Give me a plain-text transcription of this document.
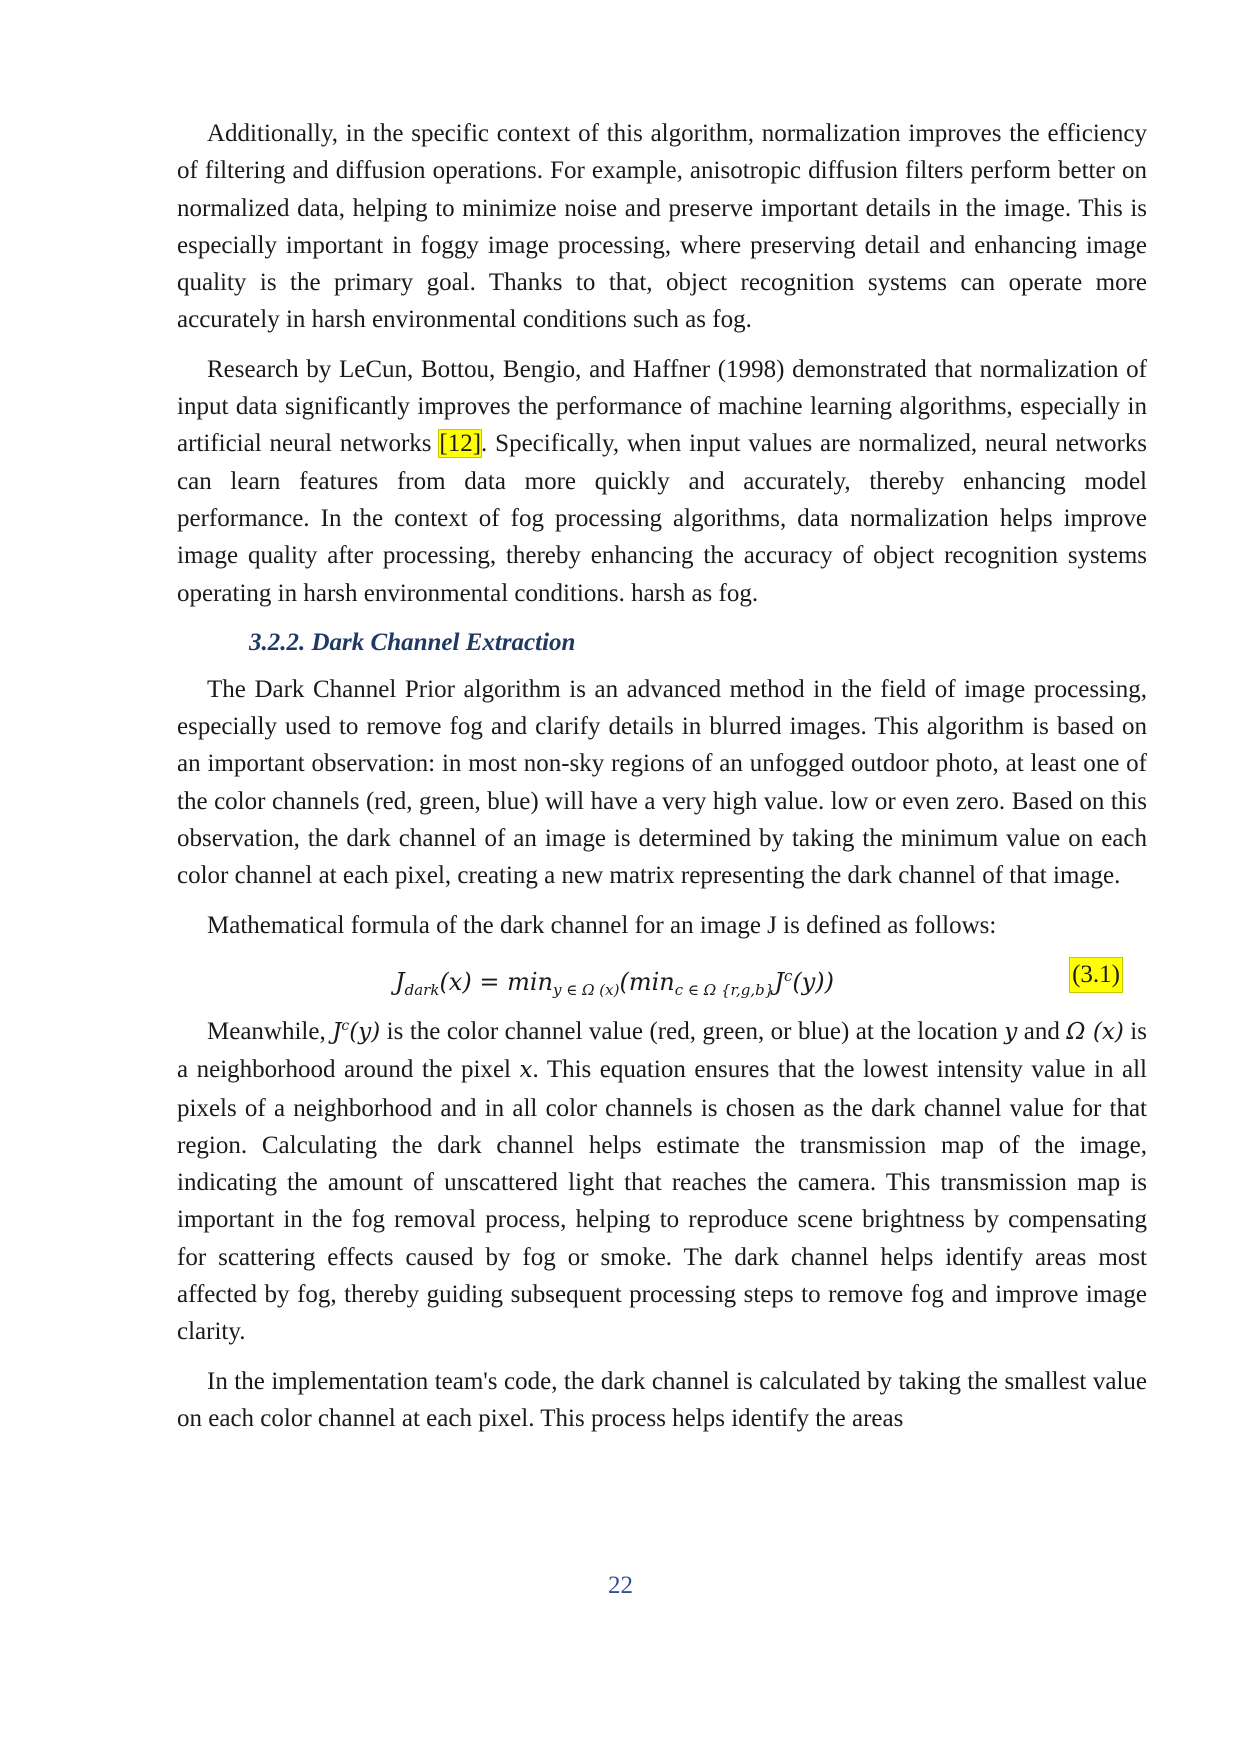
Additionally, in the specific context of this algorithm, normalization improves the efficiency of filtering and diffusion operations. For example, anisotropic diffusion filters perform better on normalized data, helping to minimize noise and preserve important details in the image. This is especially important in foggy image processing, where preserving detail and enhancing image quality is the primary goal. Thanks to that, object recognition systems can operate more accurately in harsh environmental conditions such as fog.

Research by LeCun, Bottou, Bengio, and Haffner (1998) demonstrated that normalization of input data significantly improves the performance of machine learning algorithms, especially in artificial neural networks [12]. Specifically, when input values are normalized, neural networks can learn features from data more quickly and accurately, thereby enhancing model performance. In the context of fog processing algorithms, data normalization helps improve image quality after processing, thereby enhancing the accuracy of object recognition systems operating in harsh environmental conditions. harsh as fog.

3.2.2. Dark Channel Extraction

The Dark Channel Prior algorithm is an advanced method in the field of image processing, especially used to remove fog and clarify details in blurred images. This algorithm is based on an important observation: in most non-sky regions of an unfogged outdoor photo, at least one of the color channels (red, green, blue) will have a very high value. low or even zero. Based on this observation, the dark channel of an image is determined by taking the minimum value on each color channel at each pixel, creating a new matrix representing the dark channel of that image.

Mathematical formula of the dark channel for an image J is defined as follows:

$J_{dark}(x) = \min_{y \in \Omega (x)}(\min_{c \in \Omega \{r,g,b\}}J^c(y))$	(3.1)

Meanwhile, $J^c(y)$ is the color channel value (red, green, or blue) at the location y and Ω (x) is a neighborhood around the pixel x. This equation ensures that the lowest intensity value in all pixels of a neighborhood and in all color channels is chosen as the dark channel value for that region. Calculating the dark channel helps estimate the transmission map of the image, indicating the amount of unscattered light that reaches the camera. This transmission map is important in the fog removal process, helping to reproduce scene brightness by compensating for scattering effects caused by fog or smoke. The dark channel helps identify areas most affected by fog, thereby guiding subsequent processing steps to remove fog and improve image clarity.

In the implementation team's code, the dark channel is calculated by taking the smallest value on each color channel at each pixel. This process helps identify the areas

22
